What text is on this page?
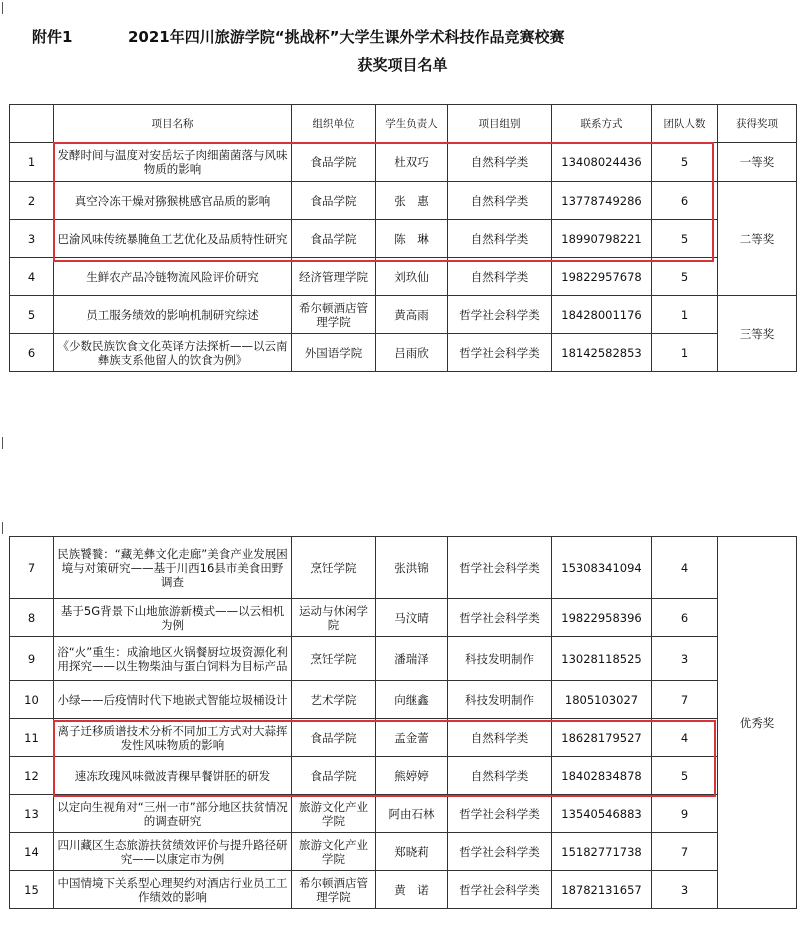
附件1	2021年四川旅游学院“挑战杯”大学生课外学术科技作品竞赛校赛
获奖项目名单
	项目名称	组织单位	学生负责人	项目组别	联系方式	团队人数	获得奖项
1	发酵时间与温度对安岳坛子肉细菌菌落与风味物质的影响	食品学院	杜双巧	自然科学类	13408024436	5	一等奖
2	真空冷冻干燥对猕猴桃感官品质的影响	食品学院	张　惠	自然科学类	13778749286	6	二等奖
3	巴渝风味传统暴腌鱼工艺优化及品质特性研究	食品学院	陈　琳	自然科学类	18990798221	5	
4	生鲜农产品冷链物流风险评价研究	经济管理学院	刘玖仙	自然科学类	19822957678	5	
5	员工服务绩效的影响机制研究综述	希尔顿酒店管理学院	黄高雨	哲学社会科学类	18428001176	1	三等奖
6	《少数民族饮食文化英译方法探析——以云南彝族支系他留人的饮食为例》	外国语学院	吕雨欣	哲学社会科学类	18142582853	1	
7	民族饕餮：“藏羌彝文化走廊”美食产业发展困境与对策研究——基于川西16县市美食田野调查	烹饪学院	张洪锦	哲学社会科学类	15308341094	4	优秀奖
8	基于5G背景下山地旅游新模式——以云相机为例	运动与休闲学院	马汶晴	哲学社会科学类	19822958396	6	
9	浴“火”重生：成渝地区火锅餐厨垃圾资源化利用探究——以生物柴油与蛋白饲料为目标产品	烹饪学院	潘瑞泽	科技发明制作	13028118525	3	
10	小绿——后疫情时代下地嵌式智能垃圾桶设计	艺术学院	向继鑫	科技发明制作	1805103027	7	
11	离子迁移质谱技术分析不同加工方式对大蒜挥发性风味物质的影响	食品学院	孟金蕾	自然科学类	18628179527	4	
12	速冻玫瑰风味微波青稞早餐饼胚的研发	食品学院	熊婷婷	自然科学类	18402834878	5	
13	以定向生视角对“三州一市”部分地区扶贫情况的调查研究	旅游文化产业学院	阿由石林	哲学社会科学类	13540546883	9	
14	四川藏区生态旅游扶贫绩效评价与提升路径研究——以康定市为例	旅游文化产业学院	郑晓莉	哲学社会科学类	15182771738	7	
15	中国情境下关系型心理契约对酒店行业员工工作绩效的影响	希尔顿酒店管理学院	黄　诺	哲学社会科学类	18782131657	3	
